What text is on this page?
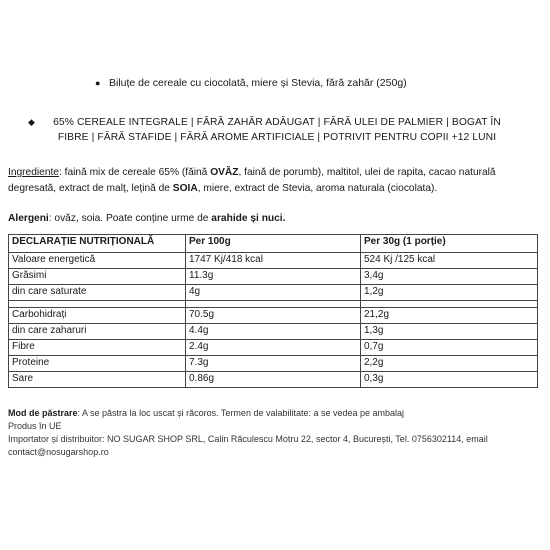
● Biluțe de cereale cu ciocolată, miere și Stevia, fără zahăr (250g)
◆	65% CEREALE INTEGRALE | FĂRĂ ZAHĂR ADĂUGAT | FĂRĂ ULEI DE PALMIER | BOGAT ÎN FIBRE | FĂRĂ STAFIDE | FĂRĂ AROME ARTIFICIALE | POTRIVIT PENTRU COPII +12 LUNI
Ingrediente: faină mix de cereale 65% (făină OVĂZ, faină de porumb), maltitol, ulei de rapita, cacao naturală degresată, extract de malț, lețină de SOIA, miere, extract de Stevia, aroma naturala (ciocolata).
Alergeni: ovăz, soia. Poate conține urme de arahide și nuci.
DECLARAȚIE NUTRIȚIONALĂ	Per 100g	Per 30g (1 porție)
Valoare energetică	1747 Kj/418 kcal	524 Kj /125 kcal
Grăsimi	11.3g	3,4g
din care saturate	4g	1,2g

Carbohidrați	70.5g	21,2g
din care zaharuri	4.4g	1,3g
Fibre	2.4g	0,7g
Proteine	7.3g	2,2g
Sare	0.86g	0,3g
Mod de păstrare: A se păstra la loc uscat și răcoros. Termen de valabilitate: a se vedea pe ambalaj
Produs în UE
Importator și distribuitor: NO SUGAR SHOP SRL, Calin Răculescu Motru 22, sector 4, București, Tel. 0756302114, email
contact@nosugarshop.ro
